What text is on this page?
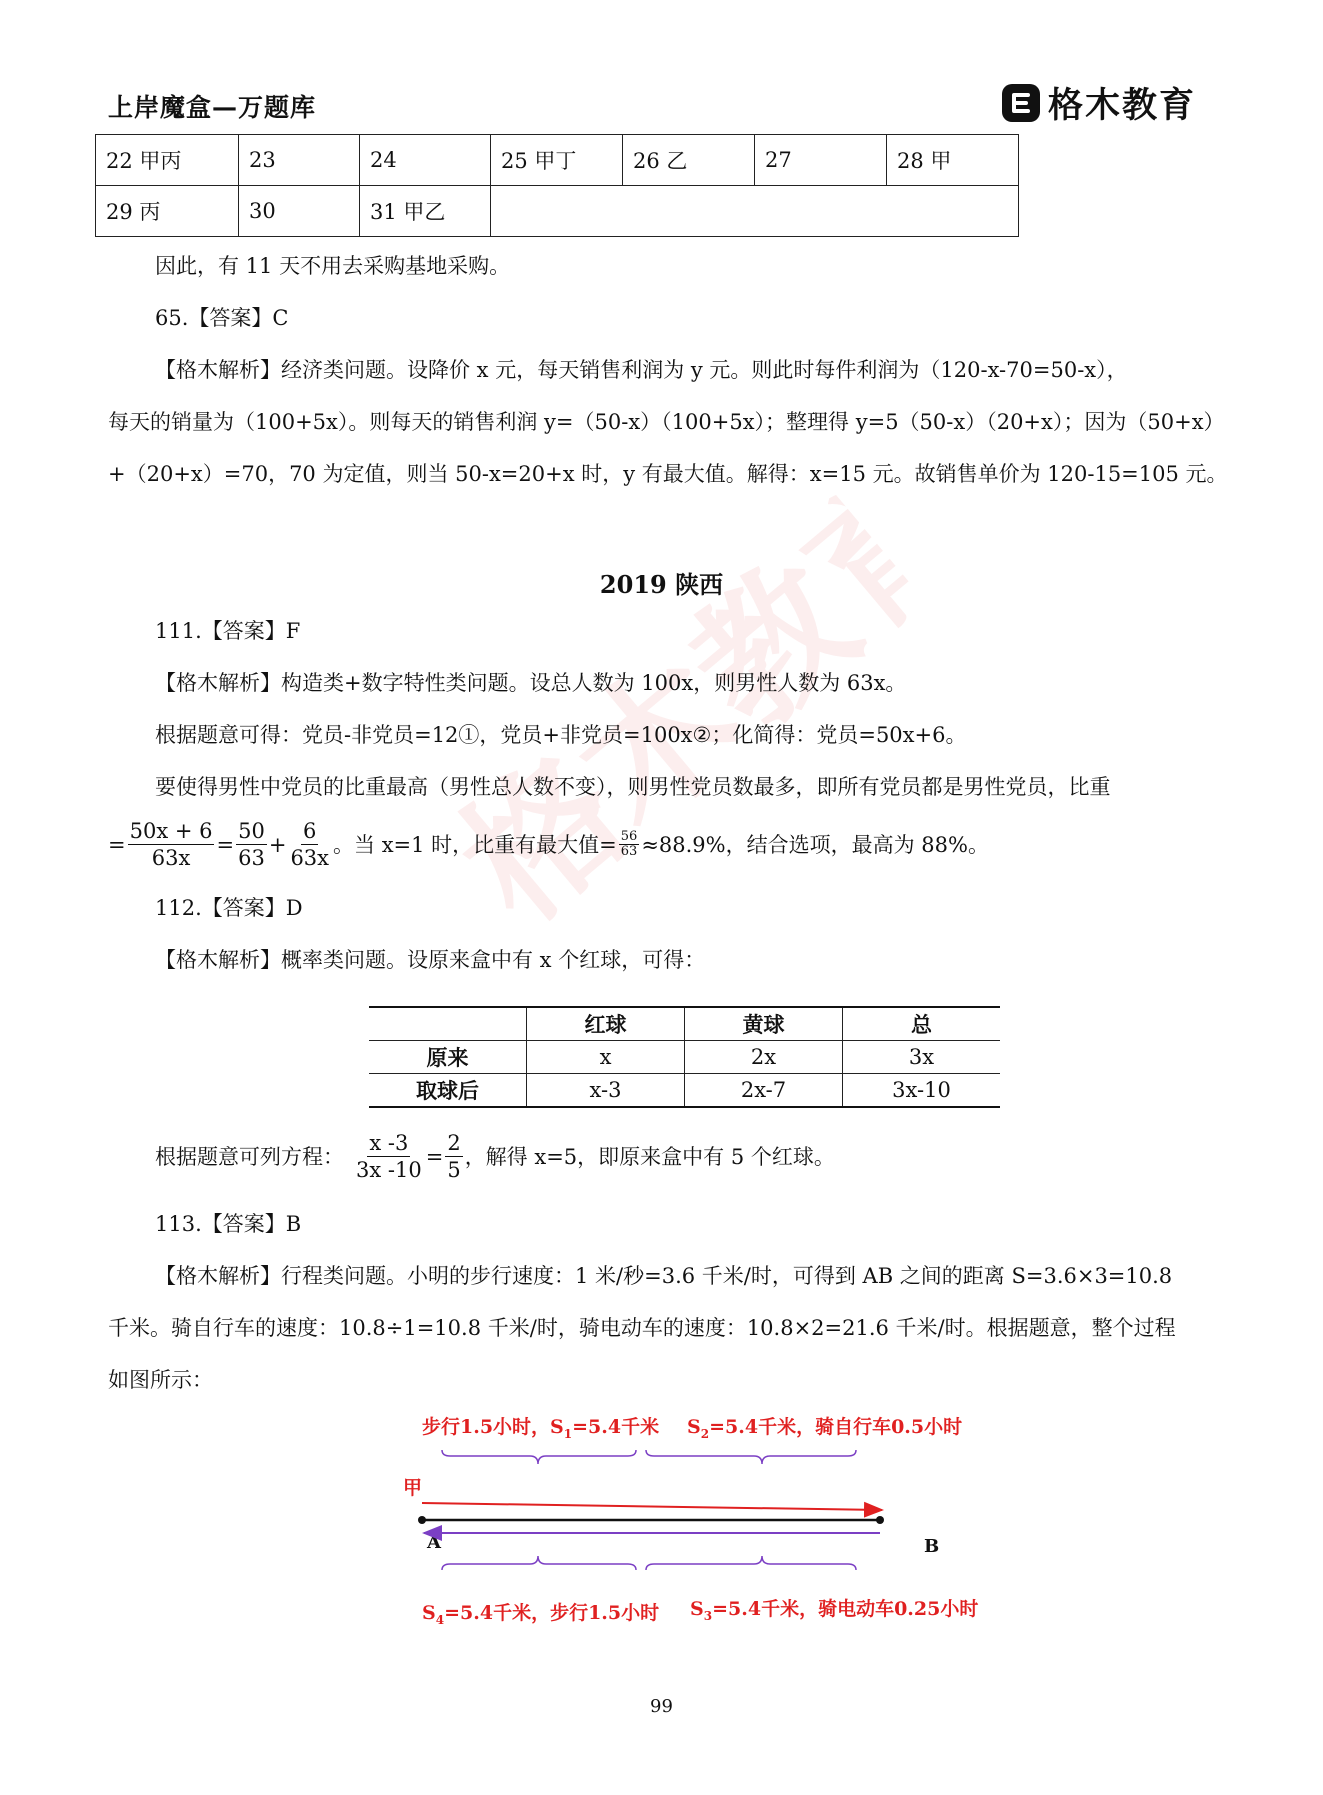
上岸魔盒—万题库	格木教育
格木教育
22 甲丙	23	24	25 甲丁	26 乙	27	28 甲
29 丙	30	31 甲乙				
因此，有 11 天不用去采购基地采购。
65.【答案】C
【格木解析】经济类问题。设降价 x 元，每天销售利润为 y 元。则此时每件利润为（120-x-70=50-x），
每天的销量为（100+5x）。则每天的销售利润 y=（50-x）（100+5x）；整理得 y=5（50-x）（20+x）；因为（50+x）
+（20+x）=70，70 为定值，则当 50-x=20+x 时，y 有最大值。解得：x=15 元。故销售单价为 120-15=105 元。
2019 陕西
111.【答案】F
【格木解析】构造类+数字特性类问题。设总人数为 100x，则男性人数为 63x。
根据题意可得：党员-非党员=12①，党员+非党员=100x②；化简得：党员=50x+6。
要使得男性中党员的比重最高（男性总人数不变），则男性党员数最多，即所有党员都是男性党员，比重
= $\frac{50x + 6}{63x} = \frac{50}{63} + \frac{6}{63x}$ 。当 x=1 时，比重有最大值= $\frac{56}{63} \approx 88.9\%$，结合选项，最高为 88%。
112.【答案】D
【格木解析】概率类问题。设原来盒中有 x 个红球，可得：
	红球	黄球	总
原来	x	2x	3x
取球后	x-3	2x-7	3x-10
根据题意可列方程： $\frac{x -3}{3x -10} = \frac{2}{5}$ ，解得 x=5，即原来盒中有 5 个红球。
113.【答案】B
【格木解析】行程类问题。小明的步行速度：1 米/秒=3.6 千米/时，可得到 AB 之间的距离 S=3.6×3=10.8
千米。骑自行车的速度：10.8÷1=10.8 千米/时，骑电动车的速度：10.8×2=21.6 千米/时。根据题意，整个过程
如图所示：
步行1.5小时，$S_1=5.4$千米 $S_2=5.4$千米，骑自行车0.5小时
$S_4=5.4$千米，步行1.5小时 $S_3=5.4$千米，骑电动车0.25小时
甲
A	B
99
